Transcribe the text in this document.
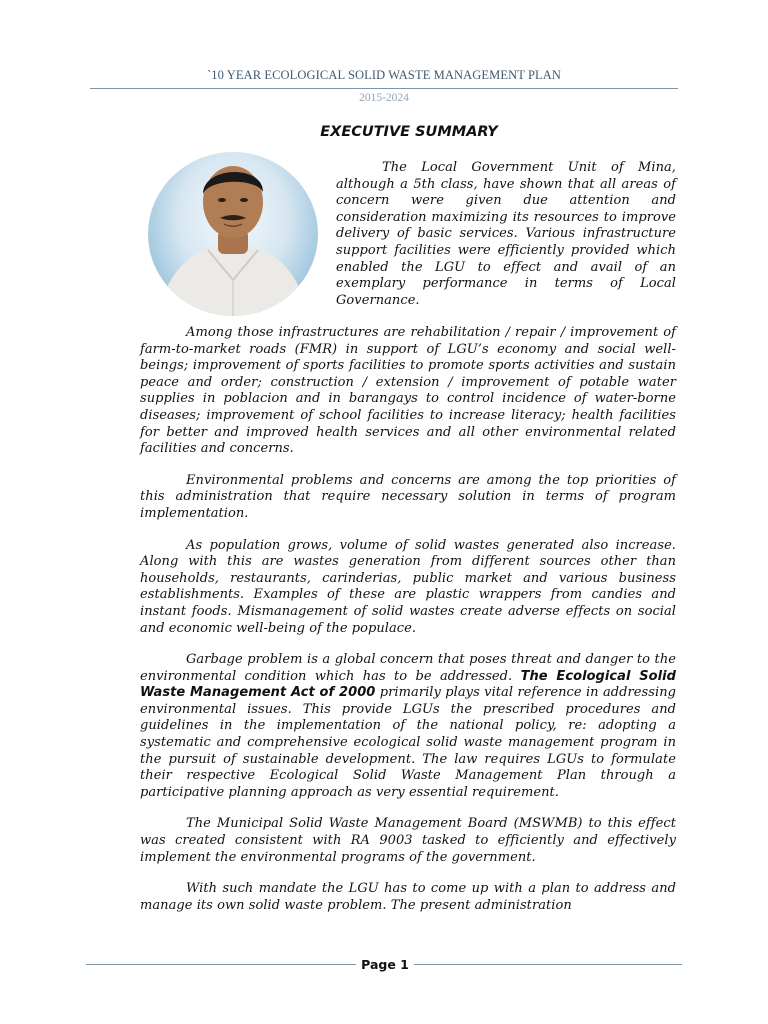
`10 YEAR ECOLOGICAL SOLID WASTE MANAGEMENT PLAN
2015-2024
EXECUTIVE SUMMARY

The Local Government Unit of Mina, although a 5th class, have shown that all areas of concern were given due attention and consideration maximizing its resources to improve delivery of basic services. Various infrastructure support facilities were efficiently provided which enabled the LGU to effect and avail of an exemplary performance in terms of Local Governance.

Among those infrastructures are rehabilitation / repair / improvement of farm-to-market roads (FMR) in support of LGU’s economy and social well-beings; improvement of sports facilities to promote sports activities and sustain peace and order; construction / extension / improvement of potable water supplies in poblacion and in barangays to control incidence of water-borne diseases; improvement of school facilities to increase literacy; health facilities for better and improved health services and all other environmental related facilities and concerns.

Environmental problems and concerns are among the top priorities of this administration that require necessary solution in terms of program implementation.

As population grows, volume of solid wastes generated also increase. Along with this are wastes generation from different sources other than households, restaurants, carinderias, public market and various business establishments. Examples of these are plastic wrappers from candies and instant foods. Mismanagement of solid wastes create adverse effects on social and economic well-being of the populace.

Garbage problem is a global concern that poses threat and danger to the environmental condition which has to be addressed. The Ecological Solid Waste Management Act of 2000 primarily plays vital reference in addressing environmental issues. This provide LGUs the prescribed procedures and guidelines in the implementation of the national policy, re: adopting a systematic and comprehensive ecological solid waste management program in the pursuit of sustainable development. The law requires LGUs to formulate their respective Ecological Solid Waste Management Plan through a participative planning approach as very essential requirement.

The Municipal Solid Waste Management Board (MSWMB) to this effect was created consistent with RA 9003 tasked to efficiently and effectively implement the environmental programs of the government.

With such mandate the LGU has to come up with a plan to address and manage its own solid waste problem. The present administration

Page 1
